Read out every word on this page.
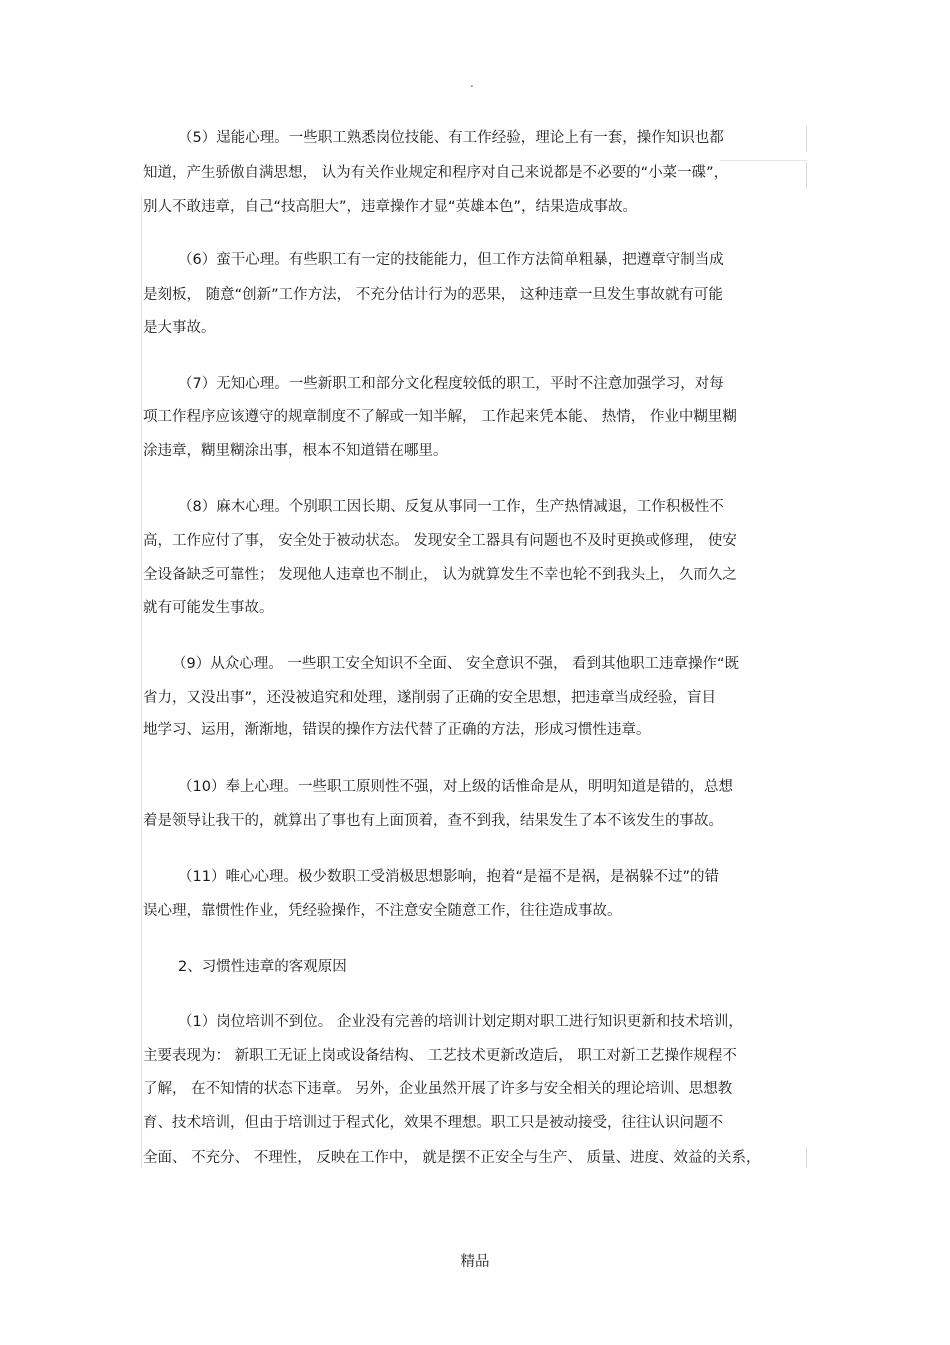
.
（5）逞能心理。一些职工熟悉岗位技能、有工作经验，理论上有一套，操作知识也都
知道，产生骄傲自满思想， 认为有关作业规定和程序对自己来说都是不必要的“小菜一碟”，
别人不敢违章，自己“技高胆大”，违章操作才显“英雄本色”，结果造成事故。
（6）蛮干心理。有些职工有一定的技能能力，但工作方法简单粗暴，把遵章守制当成
是刻板， 随意“创新”工作方法， 不充分估计行为的恶果， 这种违章一旦发生事故就有可能
是大事故。
（7）无知心理。一些新职工和部分文化程度较低的职工，平时不注意加强学习，对每
项工作程序应该遵守的规章制度不了解或一知半解， 工作起来凭本能、 热情， 作业中糊里糊
涂违章，糊里糊涂出事，根本不知道错在哪里。
（8）麻木心理。个别职工因长期、反复从事同一工作，生产热情减退，工作积极性不
高，工作应付了事， 安全处于被动状态。 发现安全工器具有问题也不及时更换或修理， 使安
全设备缺乏可靠性； 发现他人违章也不制止， 认为就算发生不幸也轮不到我头上， 久而久之
就有可能发生事故。
（9）从众心理。 一些职工安全知识不全面、 安全意识不强， 看到其他职工违章操作“既
省力，又没出事”，还没被追究和处理，遂削弱了正确的安全思想，把违章当成经验，盲目
地学习、运用，渐渐地，错误的操作方法代替了正确的方法，形成习惯性违章。
（10）奉上心理。一些职工原则性不强，对上级的话惟命是从，明明知道是错的，总想
着是领导让我干的，就算出了事也有上面顶着，查不到我，结果发生了本不该发生的事故。
（11）唯心心理。极少数职工受消极思想影响，抱着“是福不是祸，是祸躲不过”的错
误心理，靠惯性作业，凭经验操作，不注意安全随意工作，往往造成事故。
2、习惯性违章的客观原因
（1）岗位培训不到位。 企业没有完善的培训计划定期对职工进行知识更新和技术培训，
主要表现为： 新职工无证上岗或设备结构、 工艺技术更新改造后， 职工对新工艺操作规程不
了解， 在不知情的状态下违章。 另外，企业虽然开展了许多与安全相关的理论培训、思想教
育、技术培训，但由于培训过于程式化，效果不理想。职工只是被动接受，往往认识问题不
全面、 不充分、 不理性， 反映在工作中， 就是摆不正安全与生产、 质量、进度、效益的关系，
精品
